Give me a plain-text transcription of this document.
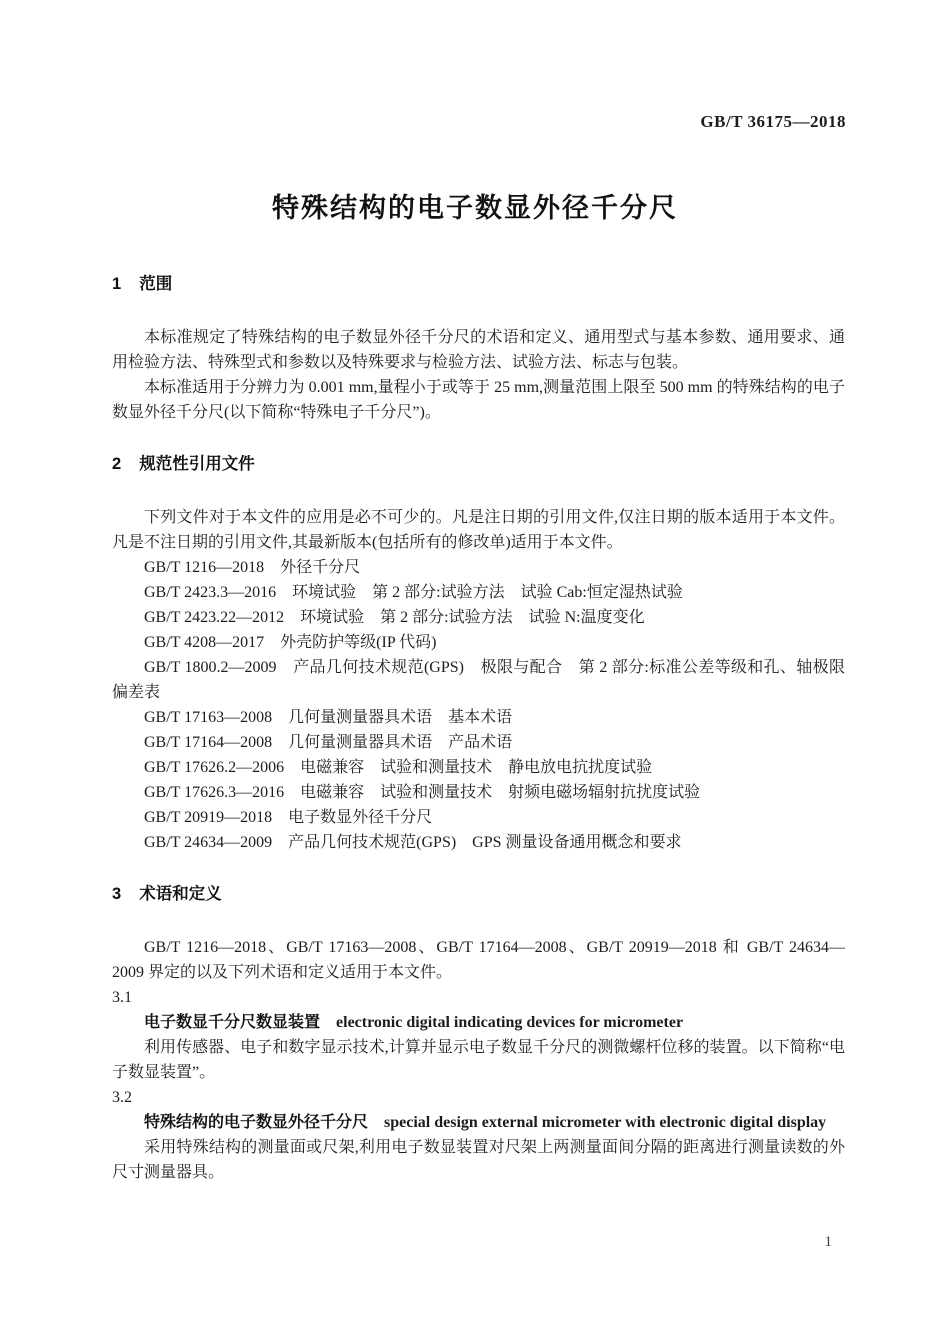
GB/T 36175—2018
特殊结构的电子数显外径千分尺
1 范围

本标准规定了特殊结构的电子数显外径千分尺的术语和定义、通用型式与基本参数、通用要求、通用检验方法、特殊型式和参数以及特殊要求与检验方法、试验方法、标志与包装。

本标准适用于分辨力为 0.001 mm,量程小于或等于 25 mm,测量范围上限至 500 mm 的特殊结构的电子数显外径千分尺(以下简称“特殊电子千分尺”)。

2 规范性引用文件

下列文件对于本文件的应用是必不可少的。凡是注日期的引用文件,仅注日期的版本适用于本文件。凡是不注日期的引用文件,其最新版本(包括所有的修改单)适用于本文件。

GB/T 1216—2018　外径千分尺
GB/T 2423.3—2016　环境试验　第 2 部分:试验方法　试验 Cab:恒定湿热试验
GB/T 2423.22—2012　环境试验　第 2 部分:试验方法　试验 N:温度变化
GB/T 4208—2017　外壳防护等级(IP 代码)
GB/T 1800.2—2009　产品几何技术规范(GPS)　极限与配合　第 2 部分:标准公差等级和孔、轴极限偏差表
GB/T 17163—2008　几何量测量器具术语　基本术语
GB/T 17164—2008　几何量测量器具术语　产品术语
GB/T 17626.2—2006　电磁兼容　试验和测量技术　静电放电抗扰度试验
GB/T 17626.3—2016　电磁兼容　试验和测量技术　射频电磁场辐射抗扰度试验
GB/T 20919—2018　电子数显外径千分尺
GB/T 24634—2009　产品几何技术规范(GPS)　GPS 测量设备通用概念和要求
3 术语和定义

GB/T 1216—2018、GB/T 17163—2008、GB/T 17164—2008、GB/T 20919—2018 和 GB/T 24634—2009 界定的以及下列术语和定义适用于本文件。

3.1

电子数显千分尺数显装置 electronic digital indicating devices for micrometer

利用传感器、电子和数字显示技术,计算并显示电子数显千分尺的测微螺杆位移的装置。以下简称“电子数显装置”。

3.2

特殊结构的电子数显外径千分尺 special design external micrometer with electronic digital display

采用特殊结构的测量面或尺架,利用电子数显装置对尺架上两测量面间分隔的距离进行测量读数的外尺寸测量器具。

1
